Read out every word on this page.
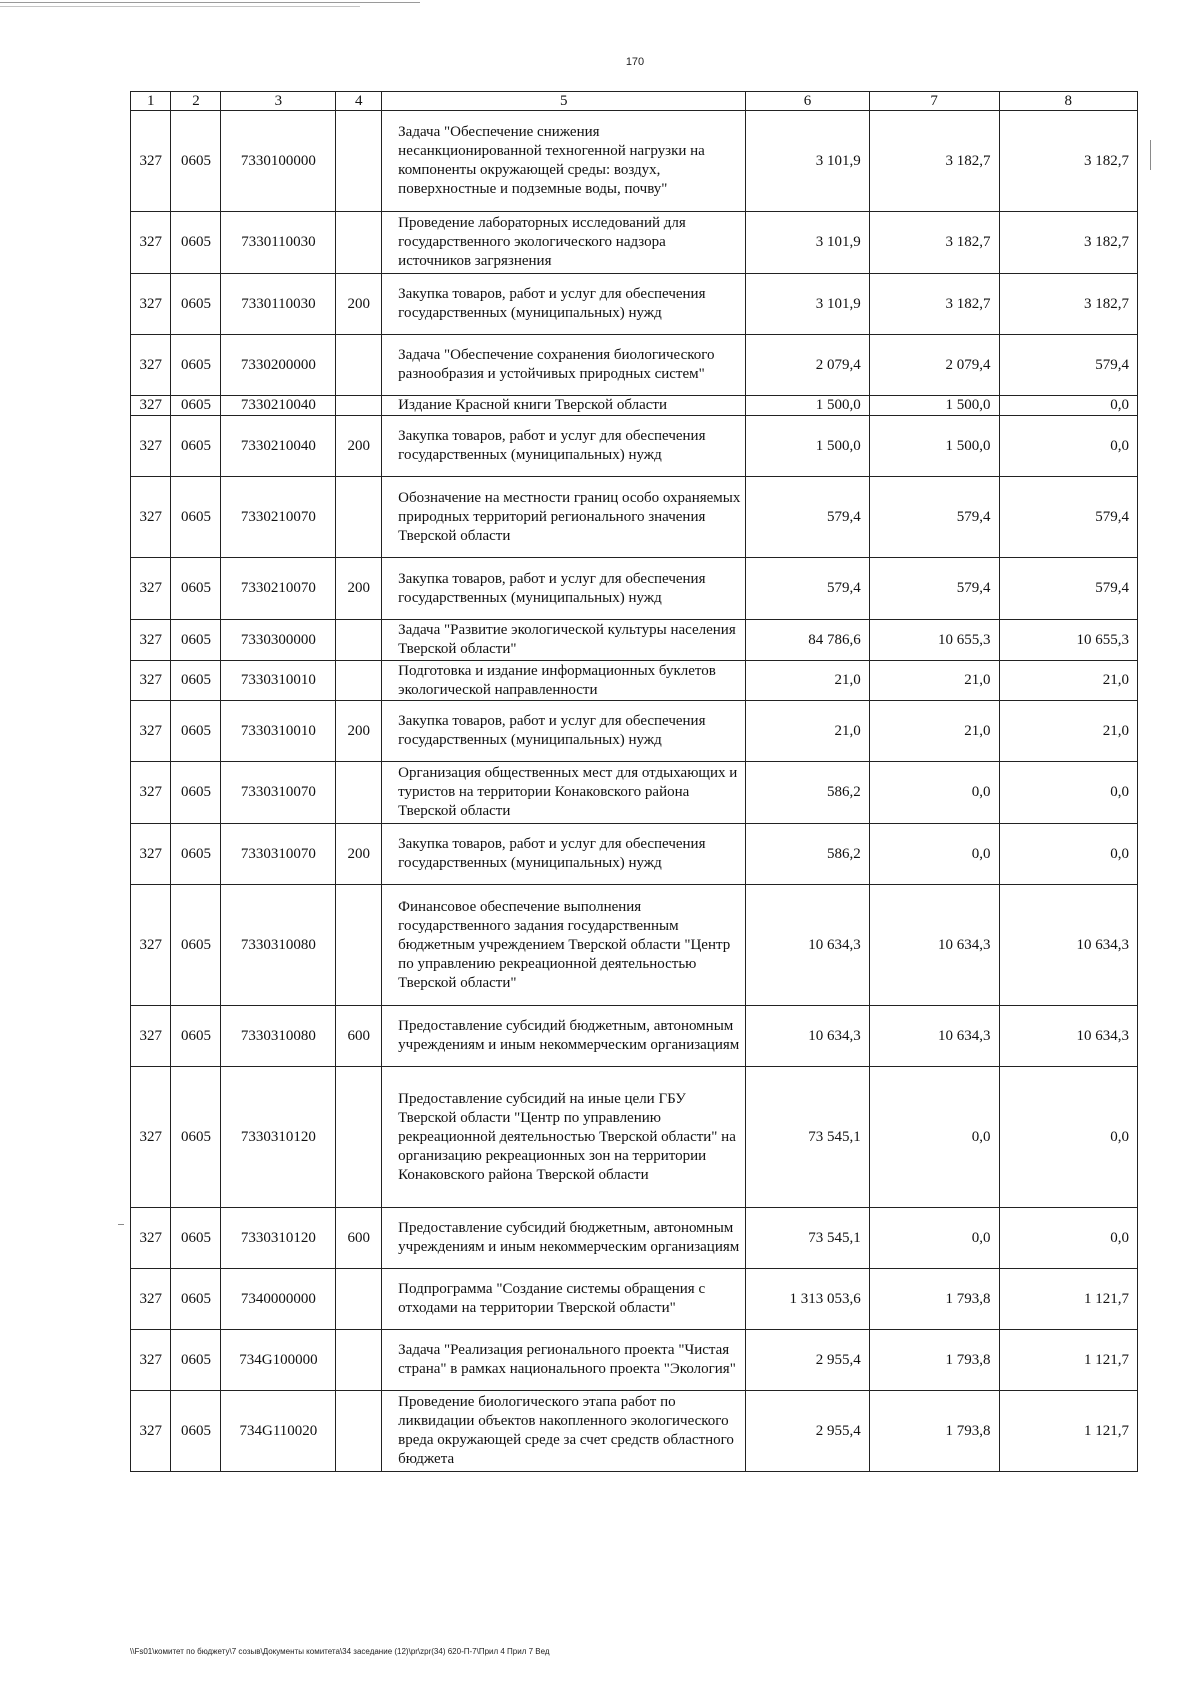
170
1	2	3	4	5	6	7	8
327	0605	7330100000		Задача "Обеспечение снижения несанкционированной техногенной нагрузки на компоненты окружающей среды: воздух, поверхностные и подземные воды, почву"	3 101,9	3 182,7	3 182,7
327	0605	7330110030		Проведение лабораторных исследований для государственного экологического надзора источников загрязнения	3 101,9	3 182,7	3 182,7
327	0605	7330110030	200	Закупка товаров, работ и услуг для обеспечения государственных (муниципальных) нужд	3 101,9	3 182,7	3 182,7
327	0605	7330200000		Задача "Обеспечение сохранения биологического разнообразия и устойчивых природных систем"	2 079,4	2 079,4	579,4
327	0605	7330210040		Издание Красной книги Тверской области	1 500,0	1 500,0	0,0
327	0605	7330210040	200	Закупка товаров, работ и услуг для обеспечения государственных (муниципальных) нужд	1 500,0	1 500,0	0,0
327	0605	7330210070		Обозначение на местности границ особо охраняемых природных территорий регионального значения Тверской области	579,4	579,4	579,4
327	0605	7330210070	200	Закупка товаров, работ и услуг для обеспечения государственных (муниципальных) нужд	579,4	579,4	579,4
327	0605	7330300000		Задача "Развитие экологической культуры населения Тверской области"	84 786,6	10 655,3	10 655,3
327	0605	7330310010		Подготовка и издание информационных буклетов экологической направленности	21,0	21,0	21,0
327	0605	7330310010	200	Закупка товаров, работ и услуг для обеспечения государственных (муниципальных) нужд	21,0	21,0	21,0
327	0605	7330310070		Организация общественных мест для отдыхающих и туристов на территории Конаковского района Тверской области	586,2	0,0	0,0
327	0605	7330310070	200	Закупка товаров, работ и услуг для обеспечения государственных (муниципальных) нужд	586,2	0,0	0,0
327	0605	7330310080		Финансовое обеспечение выполнения государственного задания государственным бюджетным учреждением Тверской области "Центр по управлению рекреационной деятельностью Тверской области"	10 634,3	10 634,3	10 634,3
327	0605	7330310080	600	Предоставление субсидий бюджетным, автономным учреждениям и иным некоммерческим организациям	10 634,3	10 634,3	10 634,3
327	0605	7330310120		Предоставление субсидий на иные цели ГБУ Тверской области "Центр по управлению рекреационной деятельностью Тверской области" на организацию рекреационных зон на территории Конаковского района Тверской области	73 545,1	0,0	0,0
327	0605	7330310120	600	Предоставление субсидий бюджетным, автономным учреждениям и иным некоммерческим организациям	73 545,1	0,0	0,0
327	0605	7340000000		Подпрограмма "Создание системы обращения с отходами на территории Тверской области"	1 313 053,6	1 793,8	1 121,7
327	0605	734G100000		Задача "Реализация регионального проекта "Чистая страна" в рамках национального проекта "Экология"	2 955,4	1 793,8	1 121,7
327	0605	734G110020		Проведение биологического этапа работ по ликвидации объектов накопленного экологического вреда окружающей среде за счет средств областного бюджета	2 955,4	1 793,8	1 121,7
\\Fs01\комитет по бюджету\7 созыв\Документы комитета\34 заседание (12)\pr\zpr(34) 620-П-7\Прил 4 Прил 7 Вед
